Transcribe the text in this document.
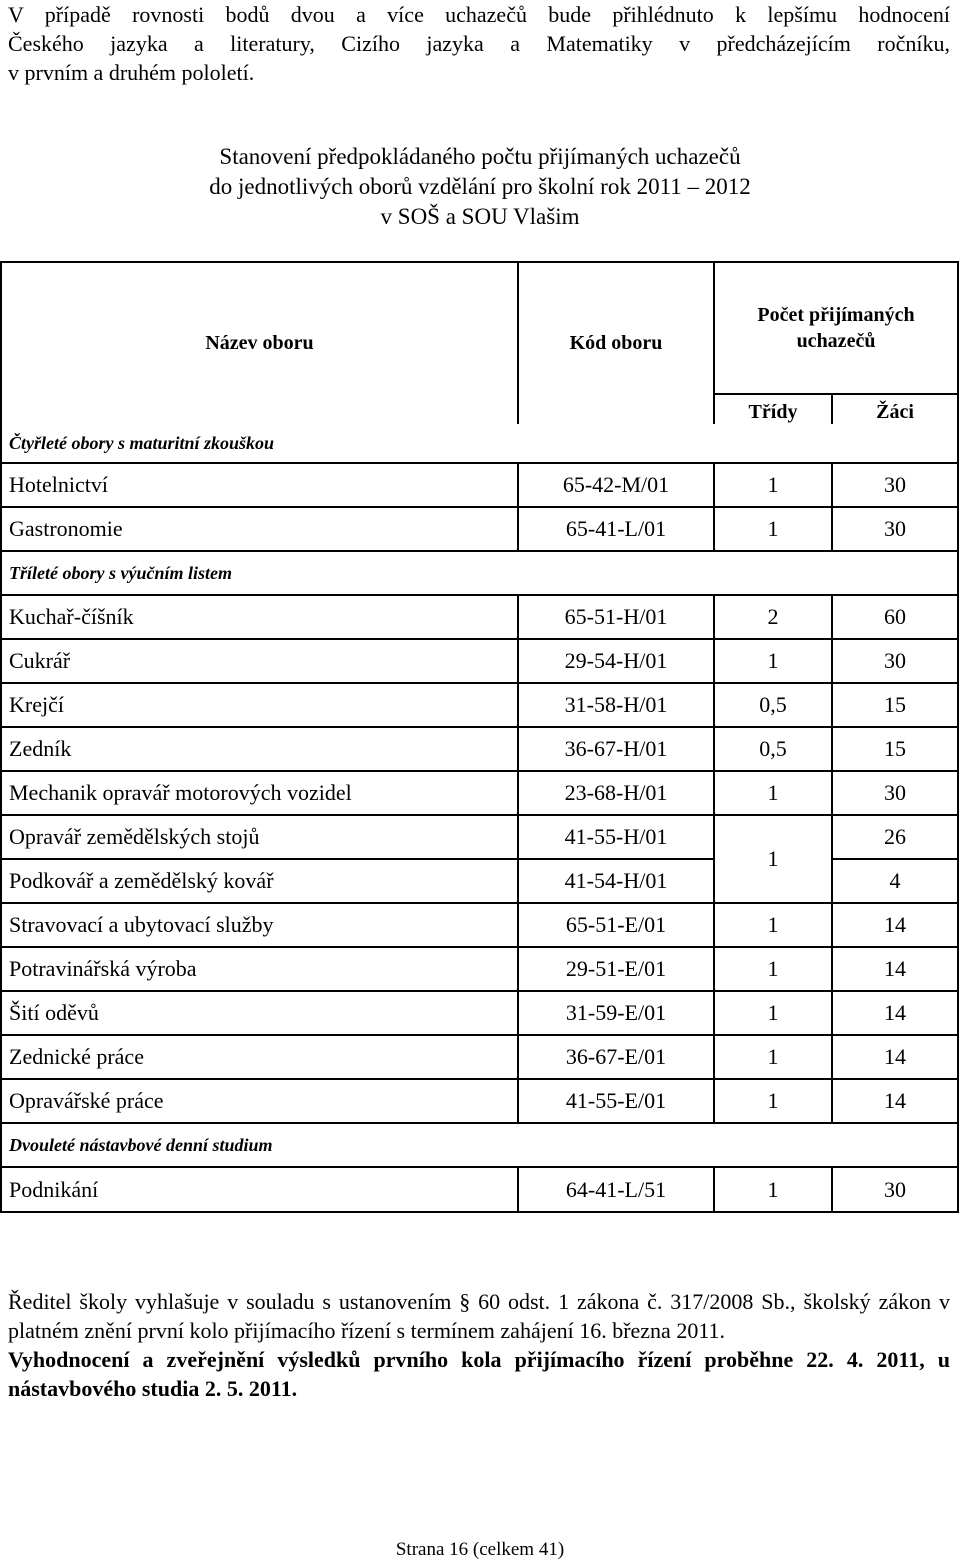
V případě rovnosti bodů dvou a více uchazečů bude přihlédnuto k lepšímu hodnocení
Českého jazyka a literatury, Cizího jazyka a Matematiky v předcházejícím ročníku,
v prvním a druhém pololetí.
Stanovení předpokládaného počtu přijímaných uchazečů
do jednotlivých oborů vzdělání pro školní rok 2011 – 2012
v SOŠ a SOU Vlašim
Název oboru	Kód oboru	Počet přijímaných uchazečů	

		Třídy	Žáci
Čtyřleté obory s maturitní zkouškou			
Hotelnictví	65-42-M/01	1	30
Gastronomie	65-41-L/01	1	30
Tříleté obory s výučním listem			
Kuchař-číšník	65-51-H/01	2	60
Cukrář	29-54-H/01	1	30
Krejčí	31-58-H/01	0,5	15
Zedník	36-67-H/01	0,5	15
Mechanik opravář motorových vozidel	23-68-H/01	1	30
Opravář zemědělských stojů	41-55-H/01	1	26
Podkovář a zemědělský kovář	41-54-H/01		4
Stravovací a ubytovací služby	65-51-E/01	1	14
Potravinářská výroba	29-51-E/01	1	14
Šití oděvů	31-59-E/01	1	14
Zednické práce	36-67-E/01	1	14
Opravářské práce	41-55-E/01	1	14
Dvouleté nástavbové denní studium			
Podnikání	64-41-L/51	1	30
Ředitel školy vyhlašuje v souladu s ustanovením § 60 odst. 1 zákona č. 317/2008 Sb., školský zákon v platném znění první kolo přijímacího řízení s termínem zahájení 16. března 2011.
Vyhodnocení a zveřejnění výsledků prvního kola přijímacího řízení proběhne 22. 4. 2011, u nástavbového studia 2. 5. 2011.
Strana 16 (celkem 41)
